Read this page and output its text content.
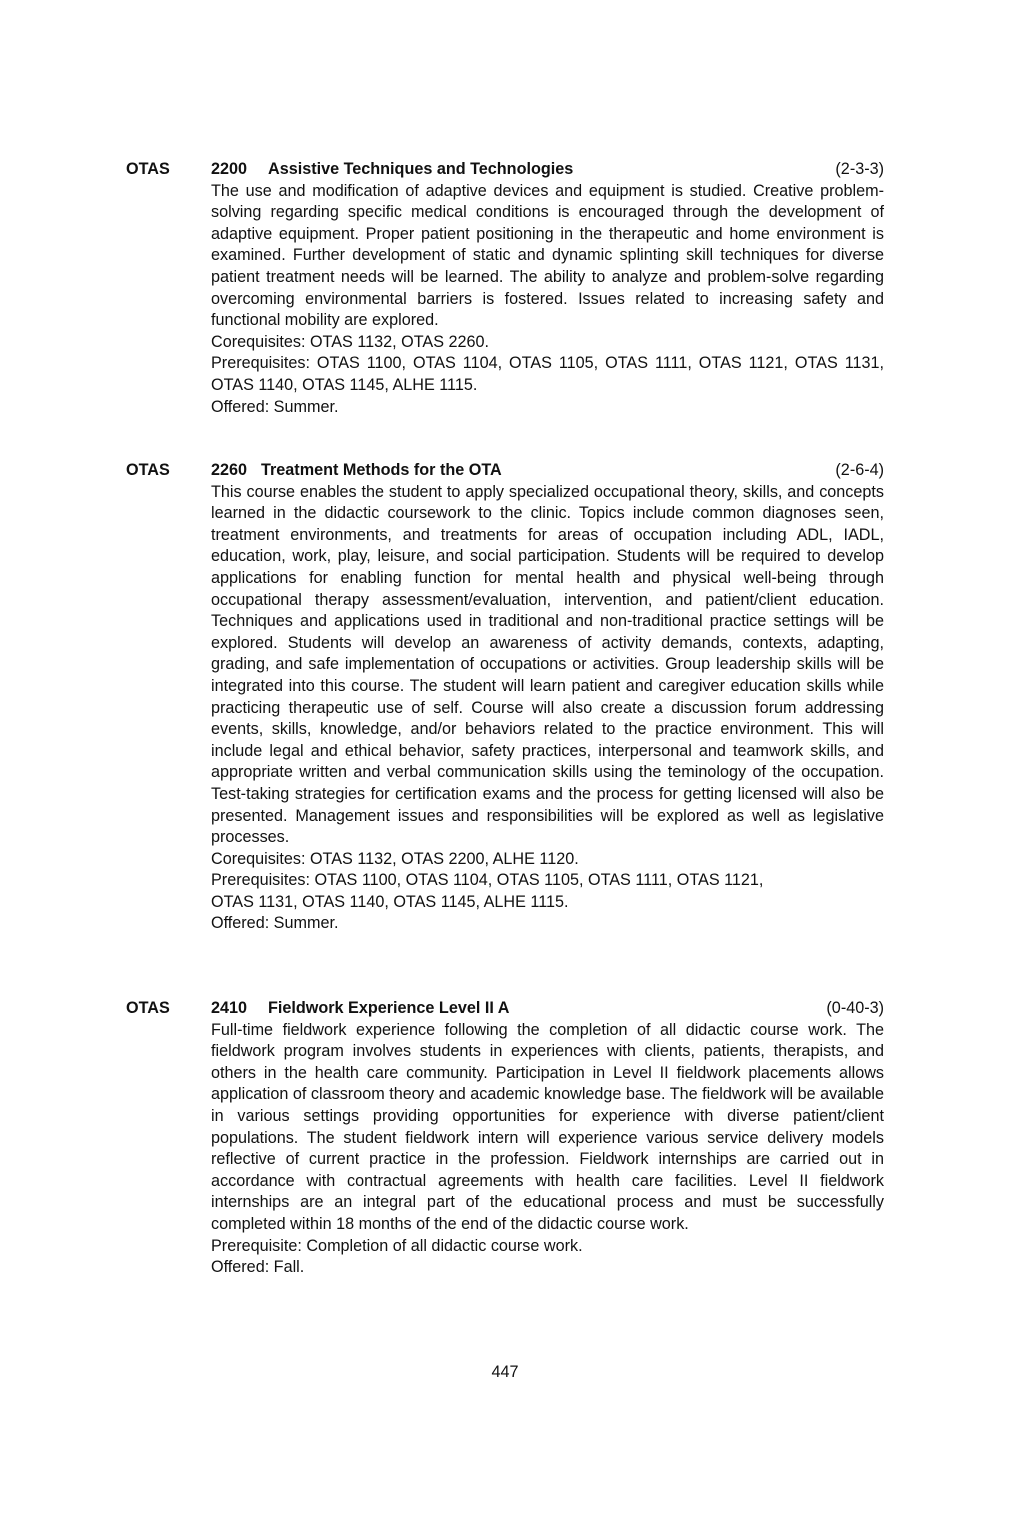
OTAS	2200 Assistive Techniques and Technologies	(2-3-3)

The use and modification of adaptive devices and equipment is studied. Creative problem-solving regarding specific medical conditions is encouraged through the development of adaptive equipment. Proper patient positioning in the therapeutic and home environment is examined. Further development of static and dynamic splinting skill techniques for diverse patient treatment needs will be learned. The ability to analyze and problem-solve regarding overcoming environmental barriers is fostered. Issues related to increasing safety and functional mobility are explored.

Corequisites: OTAS 1132, OTAS 2260.

Prerequisites: OTAS 1100, OTAS 1104, OTAS 1105, OTAS 1111, OTAS 1121, OTAS 1131, OTAS 1140, OTAS 1145, ALHE 1115.

Offered: Summer.

OTAS	2260 Treatment Methods for the OTA	(2-6-4)

This course enables the student to apply specialized occupational theory, skills, and concepts learned in the didactic coursework to the clinic. Topics include common diagnoses seen, treatment environments, and treatments for areas of occupation including ADL, IADL, education, work, play, leisure, and social participation. Students will be required to develop applications for enabling function for mental health and physical well-being through occupational therapy assessment/evaluation, intervention, and patient/client education. Techniques and applications used in traditional and non-traditional practice settings will be explored. Students will develop an awareness of activity demands, contexts, adapting, grading, and safe implementation of occupations or activities. Group leadership skills will be integrated into this course. The student will learn patient and caregiver education skills while practicing therapeutic use of self. Course will also create a discussion forum addressing events, skills, knowledge, and/or behaviors related to the practice environment. This will include legal and ethical behavior, safety practices, interpersonal and teamwork skills, and appropriate written and verbal communication skills using the teminology of the occupation. Test-taking strategies for certification exams and the process for getting licensed will also be presented. Management issues and responsibilities will be explored as well as legislative processes.

Corequisites: OTAS 1132, OTAS 2200, ALHE 1120.

Prerequisites: OTAS 1100, OTAS 1104, OTAS 1105, OTAS 1111, OTAS 1121,

OTAS 1131, OTAS 1140, OTAS 1145, ALHE 1115.

Offered: Summer.

OTAS	2410 Fieldwork Experience Level II A	(0-40-3)

Full-time fieldwork experience following the completion of all didactic course work. The fieldwork program involves students in experiences with clients, patients, therapists, and others in the health care community. Participation in Level II fieldwork placements allows application of classroom theory and academic knowledge base. The fieldwork will be available in various settings providing opportunities for experience with diverse patient/client populations. The student fieldwork intern will experience various service delivery models reflective of current practice in the profession. Fieldwork internships are carried out in accordance with contractual agreements with health care facilities. Level II fieldwork internships are an integral part of the educational process and must be successfully completed within 18 months of the end of the didactic course work.

Prerequisite: Completion of all didactic course work.

Offered: Fall.

447
